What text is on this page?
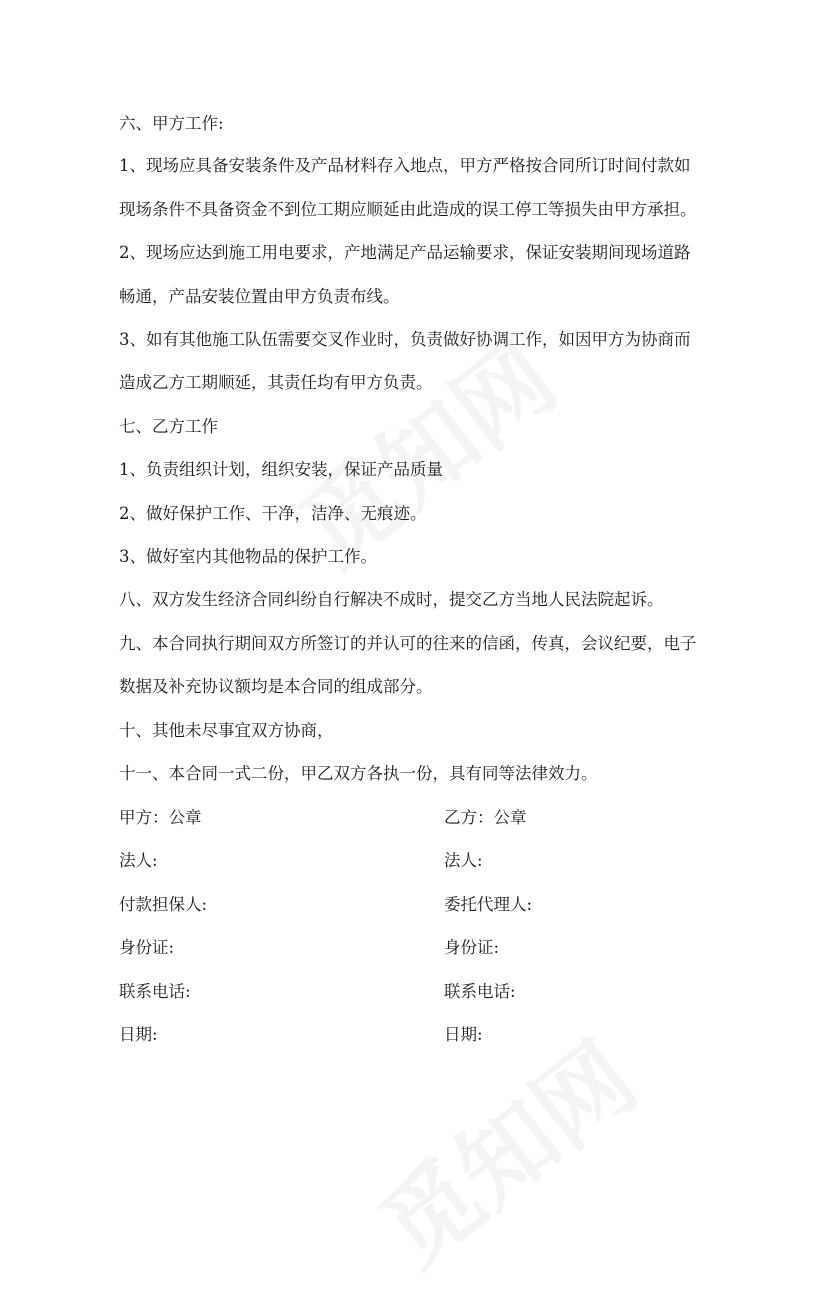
六、甲方工作:
1、现场应具备安装条件及产品材料存入地点，甲方严格按合同所订时间付款如
现场条件不具备资金不到位工期应顺延由此造成的误工停工等损失由甲方承担。
2、现场应达到施工用电要求，产地满足产品运输要求，保证安装期间现场道路
畅通，产品安装位置由甲方负责布线。
3、如有其他施工队伍需要交叉作业时，负责做好协调工作，如因甲方为协商而
造成乙方工期顺延，其责任均有甲方负责。
七、乙方工作
1、负责组织计划，组织安装，保证产品质量
2、做好保护工作、干净，洁净、无痕迹。
3、做好室内其他物品的保护工作。
八、双方发生经济合同纠纷自行解决不成时，提交乙方当地人民法院起诉。
九、本合同执行期间双方所签订的并认可的往来的信函，传真，会议纪要，电子
数据及补充协议额均是本合同的组成部分。
十、其他未尽事宜双方协商，
十一、本合同一式二份，甲乙双方各执一份，具有同等法律效力。
甲方：公章	乙方：公章
法人:	法人:
付款担保人:	委托代理人:
身份证:	身份证:
联系电话:	联系电话:
日期:	日期:
